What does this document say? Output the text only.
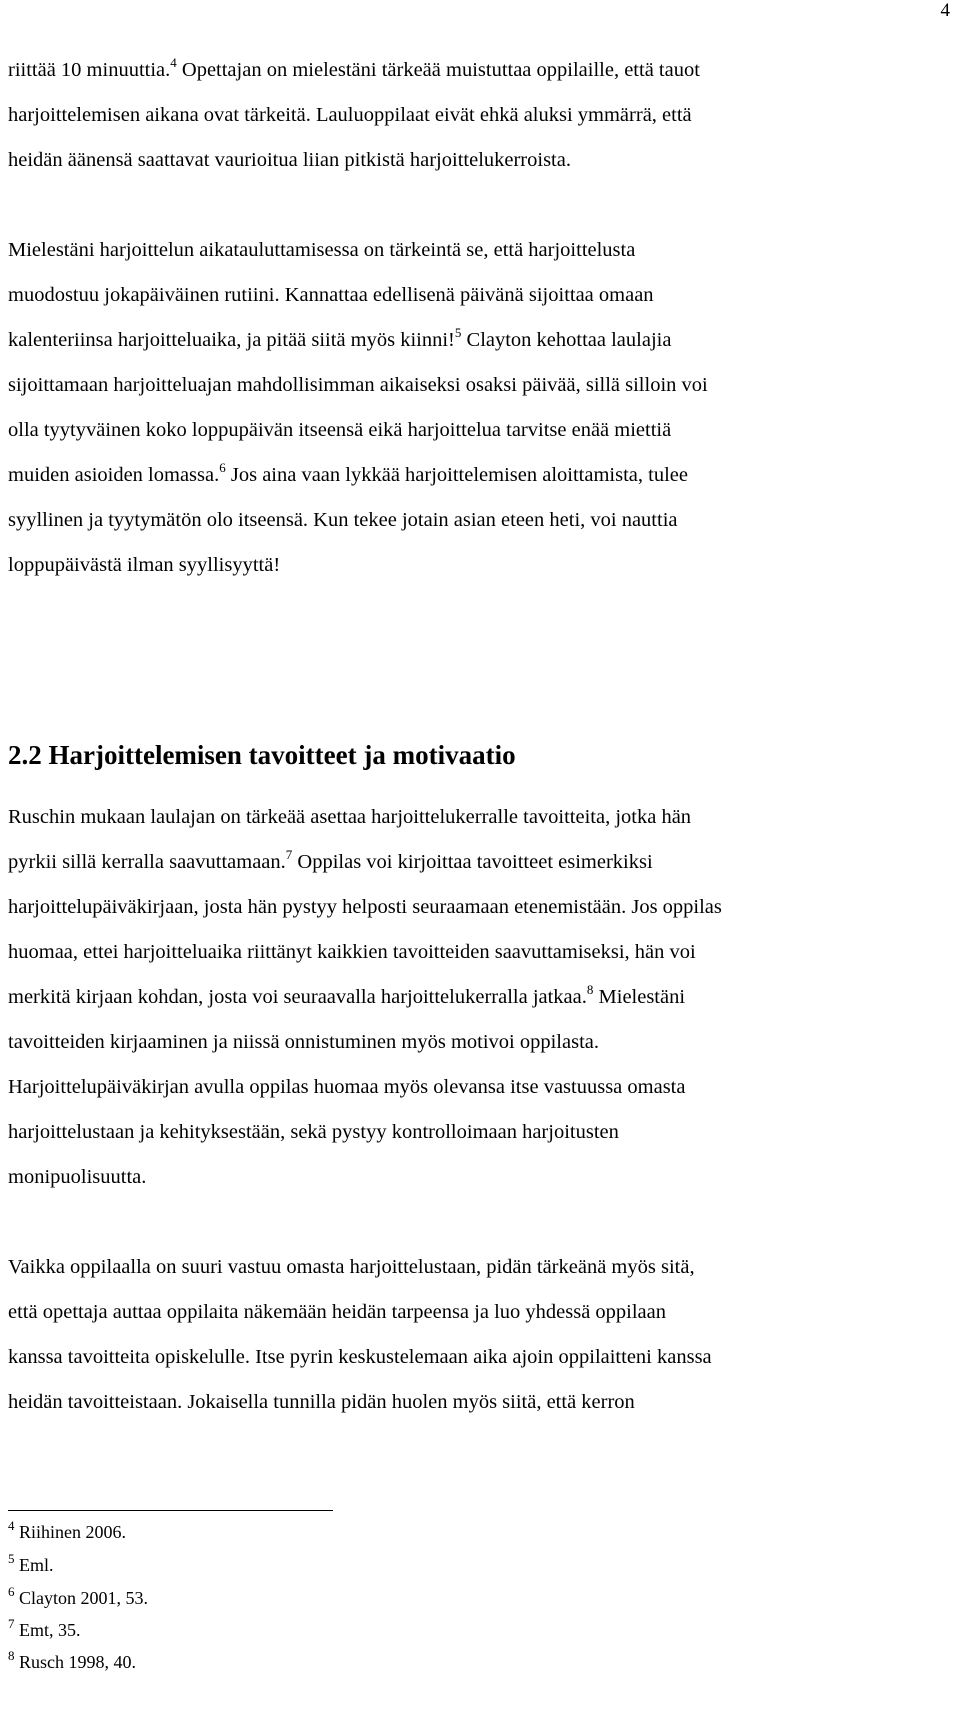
4
riittää 10 minuuttia.$^4$ Opettajan on mielestäni tärkeää muistuttaa oppilaille, että tauot
harjoittelemisen aikana ovat tärkeitä. Lauluoppilaat eivät ehkä aluksi ymmärrä, että
heidän äänensä saattavat vaurioitua liian pitkistä harjoittelukerroista.
Mielestäni harjoittelun aikatauluttamisessa on tärkeintä se, että harjoittelusta
muodostuu jokapäiväinen rutiini. Kannattaa edellisenä päivänä sijoittaa omaan
kalenteriinsa harjoitteluaika, ja pitää siitä myös kiinni!$^5$ Clayton kehottaa laulajia
sijoittamaan harjoitteluajan mahdollisimman aikaiseksi osaksi päivää, sillä silloin voi
olla tyytyväinen koko loppupäivän itseensä eikä harjoittelua tarvitse enää miettiä
muiden asioiden lomassa.$^6$ Jos aina vaan lykkää harjoittelemisen aloittamista, tulee
syyllinen ja tyytymätön olo itseensä. Kun tekee jotain asian eteen heti, voi nauttia
loppupäivästä ilman syyllisyyttä!
2.2 Harjoittelemisen tavoitteet ja motivaatio
Ruschin mukaan laulajan on tärkeää asettaa harjoittelukerralle tavoitteita, jotka hän
pyrkii sillä kerralla saavuttamaan.$^7$ Oppilas voi kirjoittaa tavoitteet esimerkiksi
harjoittelupäiväkirjaan, josta hän pystyy helposti seuraamaan etenemistään. Jos oppilas
huomaa, ettei harjoitteluaika riittänyt kaikkien tavoitteiden saavuttamiseksi, hän voi
merkitä kirjaan kohdan, josta voi seuraavalla harjoittelukerralla jatkaa.$^8$ Mielestäni
tavoitteiden kirjaaminen ja niissä onnistuminen myös motivoi oppilasta.
Harjoittelupäiväkirjan avulla oppilas huomaa myös olevansa itse vastuussa omasta
harjoittelustaan ja kehityksestään, sekä pystyy kontrolloimaan harjoitusten
monipuolisuutta.
Vaikka oppilaalla on suuri vastuu omasta harjoittelustaan, pidän tärkeänä myös sitä,
että opettaja auttaa oppilaita näkemään heidän tarpeensa ja luo yhdessä oppilaan
kanssa tavoitteita opiskelulle. Itse pyrin keskustelemaan aika ajoin oppilaitteni kanssa
heidän tavoitteistaan. Jokaisella tunnilla pidän huolen myös siitä, että kerron
$^4$ Riihinen 2006.
$^5$ Eml.
$^6$ Clayton 2001, 53.
$^7$ Emt, 35.
$^8$ Rusch 1998, 40.
